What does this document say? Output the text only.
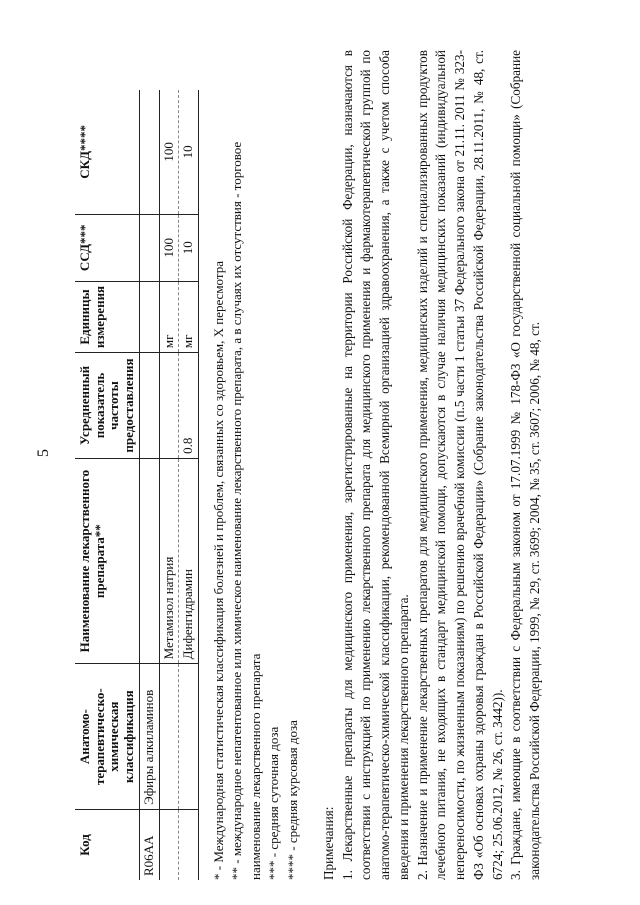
5
Код	Анатомо-терапевтическо-химическая классификация	Наименование лекарственного препарата**	Усредненный показатель частоты предоставления	Единицы измерения	ССД***	СКД****
R06AA	Эфиры алкиламинов					
		Метамизол натрия		мг	100	100
		Дифенгидрамин	0.8	мг	10	10

* - Международная статистическая классификация болезней и проблем, связанных со здоровьем, X пересмотра ** - международное непатентованное или химическое наименование лекарственного препарата, а в случаях их отсутствия - торговое наименование лекарственного препарата *** - средняя суточная доза **** - средняя курсовая доза Примечания: 1. Лекарственные препараты для медицинского применения, зарегистрированные на территории Российской Федерации, назначаются в соответствии с инструкцией по применению лекарственного препарата для медицинского применения и фармакотерапевтической группой по анатомо-терапевтическо-химической классификации, рекомендованной Всемирной организацией здравоохранения, а также с учетом способа введения и применения лекарственного препарата. 2. Назначение и применение лекарственных препаратов для медицинского применения, медицинских изделий и специализированных продуктов лечебного питания, не входящих в стандарт медицинской помощи, допускаются в случае наличия медицинских показаний (индивидуальной непереносимости, по жизненным показаниям) по решению врачебной комиссии (п.5 части 1 статьи 37 Федерального закона от 21.11. 2011 № 323-ФЗ «Об основах охраны здоровья граждан в Российской Федерации» (Собрание законодательства Российской Федерации, 28.11.2011, № 48, ст. 6724; 25.06.2012, № 26, ст. 3442)). 3. Граждане, имеющие в соответствии с Федеральным законом от 17.07.1999 № 178-ФЗ «О государственной социальной помощи» (Собрание законодательства Российской Федерации, 1999, № 29, ст. 3699; 2004, № 35, ст. 3607; 2006, № 48, ст.
